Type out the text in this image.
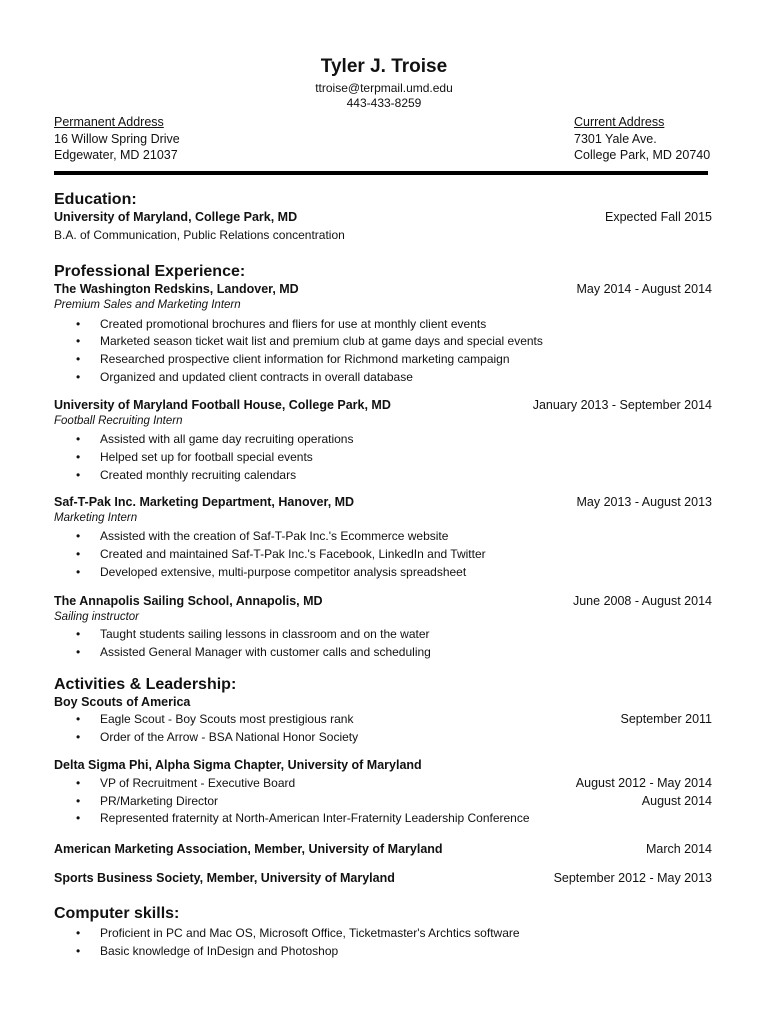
Tyler J. Troise
ttroise@terpmail.umd.edu
443-433-8259
Permanent Address
16 Willow Spring Drive
Edgewater, MD 21037
Current Address
7301 Yale Ave.
College Park, MD 20740
Education:
University of Maryland, College Park, MD	Expected Fall 2015
B.A. of Communication, Public Relations concentration
Professional Experience:
The Washington Redskins, Landover, MD	May 2014 - August 2014
Premium Sales and Marketing Intern
• Created promotional brochures and fliers for use at monthly client events
• Marketed season ticket wait list and premium club at game days and special events
• Researched prospective client information for Richmond marketing campaign
• Organized and updated client contracts in overall database
University of Maryland Football House, College Park, MD	January 2013 - September 2014
Football Recruiting Intern
• Assisted with all game day recruiting operations
• Helped set up for football special events
• Created monthly recruiting calendars
Saf-T-Pak Inc. Marketing Department, Hanover, MD	May 2013 - August 2013
Marketing Intern
• Assisted with the creation of Saf-T-Pak Inc.'s Ecommerce website
• Created and maintained Saf-T-Pak Inc.'s Facebook, LinkedIn and Twitter
• Developed extensive, multi-purpose competitor analysis spreadsheet
The Annapolis Sailing School, Annapolis, MD	June 2008 - August 2014
Sailing instructor
• Taught students sailing lessons in classroom and on the water
• Assisted General Manager with customer calls and scheduling
Activities & Leadership:
Boy Scouts of America
• Eagle Scout - Boy Scouts most prestigious rank	September 2011
• Order of the Arrow - BSA National Honor Society
Delta Sigma Phi, Alpha Sigma Chapter, University of Maryland
• VP of Recruitment - Executive Board	August 2012 - May 2014
• PR/Marketing Director	August 2014
• Represented fraternity at North-American Inter-Fraternity Leadership Conference
American Marketing Association, Member, University of Maryland	March 2014
Sports Business Society, Member, University of Maryland	September 2012 - May 2013
Computer skills:
• Proficient in PC and Mac OS, Microsoft Office, Ticketmaster's Archtics software
• Basic knowledge of InDesign and Photoshop
